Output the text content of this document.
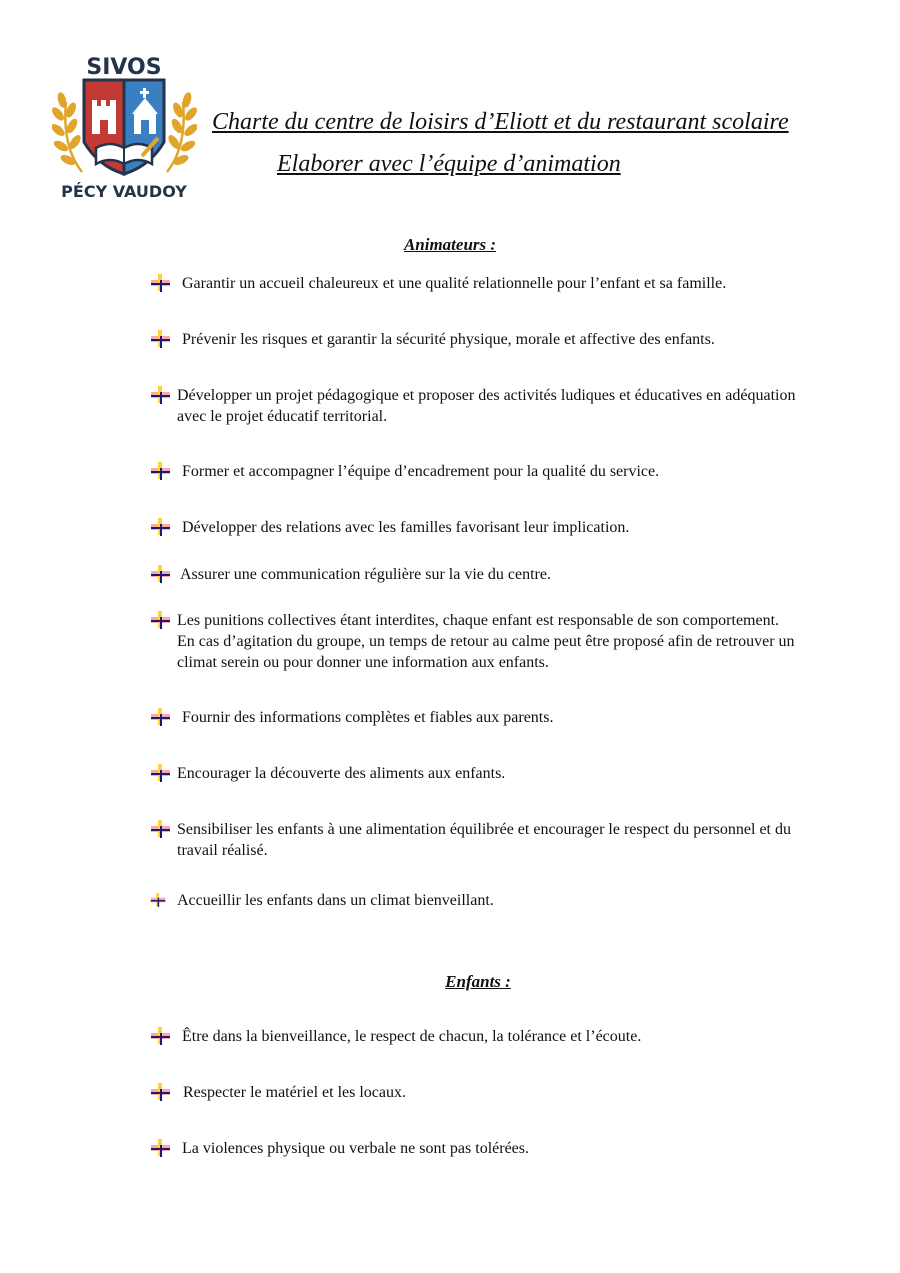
SIVOS
PÉCY VAUDOY
Charte du centre de loisirs d’Eliott et du restaurant scolaire
Elaborer avec l’équipe d’animation
Animateurs :
Garantir un accueil chaleureux et une qualité relationnelle pour l’enfant et sa famille.
Prévenir les risques et garantir la sécurité physique, morale et affective des enfants.
Développer un projet pédagogique et proposer des activités ludiques et éducatives en adéquation avec le projet éducatif territorial.
Former et accompagner l’équipe d’encadrement pour la qualité du service.
Développer des relations avec les familles favorisant leur implication.
Assurer une communication régulière sur la vie du centre.
Les punitions collectives étant interdites, chaque enfant est responsable de son comportement. En cas d’agitation du groupe, un temps de retour au calme peut être proposé afin de retrouver un climat serein ou pour donner une information aux enfants.
Fournir des informations complètes et fiables aux parents.
Encourager la découverte des aliments aux enfants.
Sensibiliser les enfants à une alimentation équilibrée et encourager le respect du personnel et du travail réalisé.
Accueillir les enfants dans un climat bienveillant.
Enfants :
Être dans la bienveillance, le respect de chacun, la tolérance et l’écoute.
Respecter le matériel et les locaux.
La violences physique ou verbale ne sont pas tolérées.
